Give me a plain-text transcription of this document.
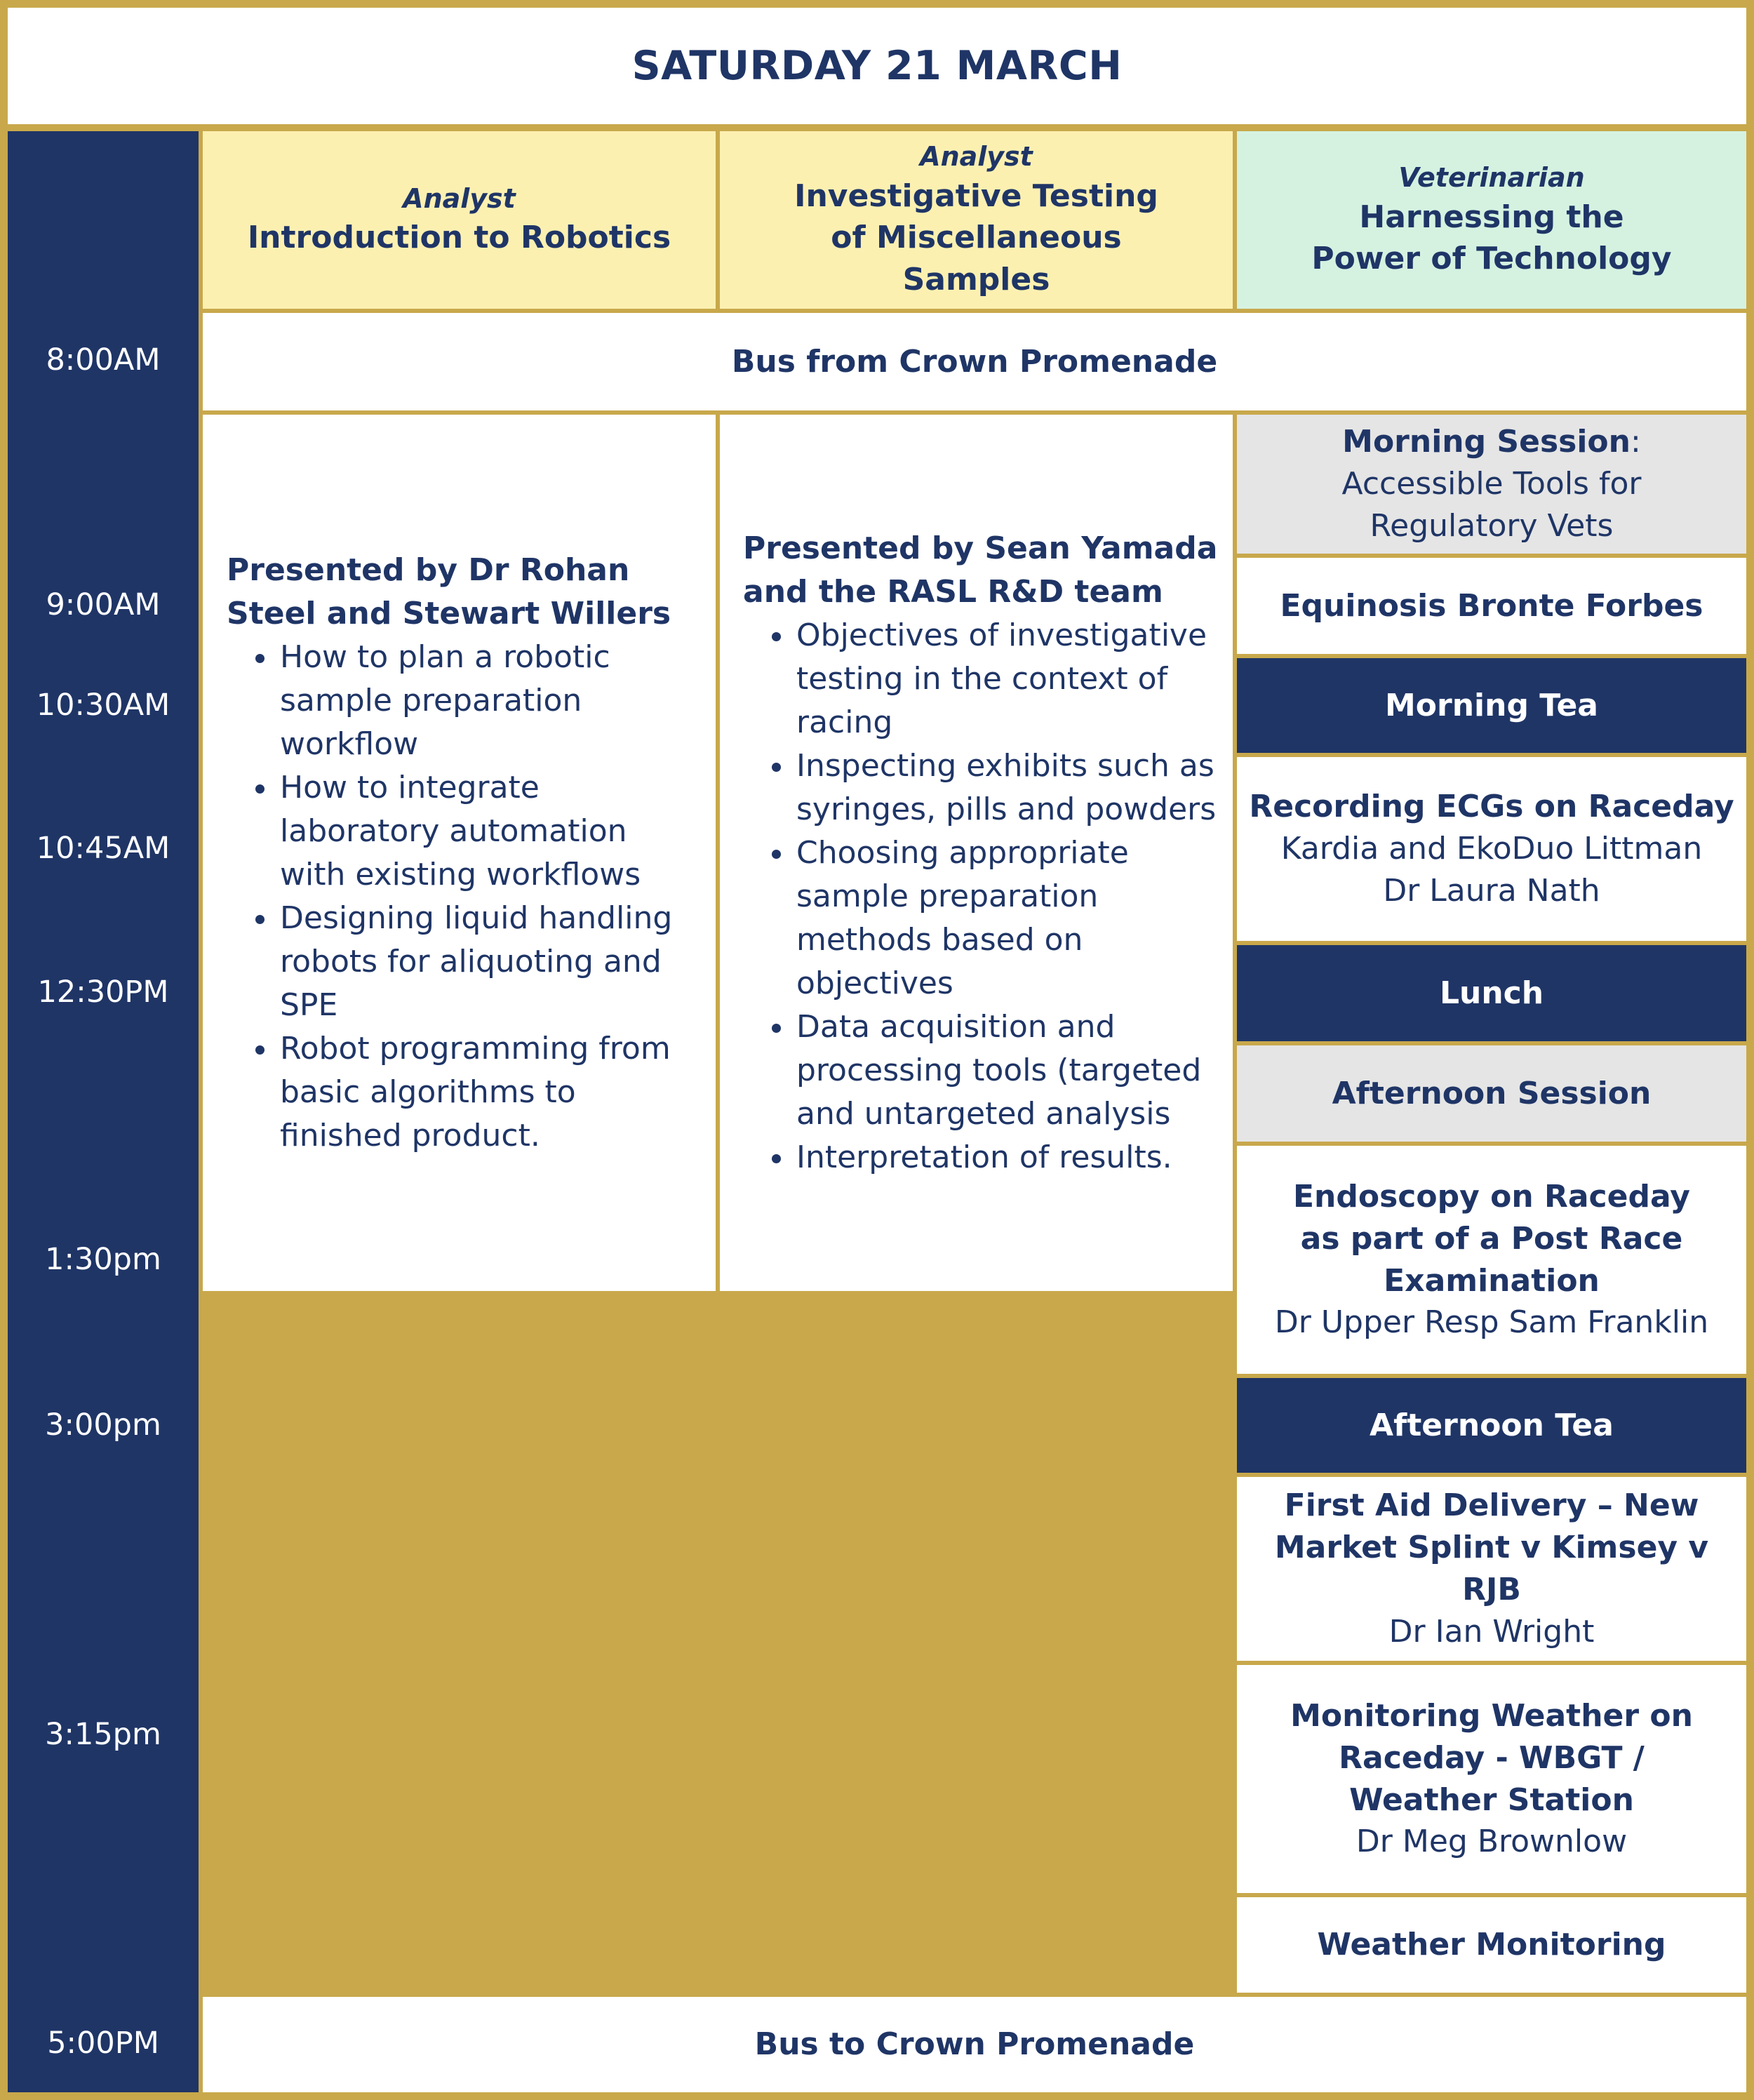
SATURDAY 21 MARCH
8:00AM
9:00AM
10:30AM
10:45AM
12:30PM
1:30pm
3:00pm
3:15pm
5:00PM
Analyst
Introduction to Robotics
Analyst
Investigative Testing of Miscellaneous Samples
Veterinarian
Harnessing the Power of Technology
Bus from Crown Promenade
Presented by Dr Rohan Steel and Stewart Willers
• How to plan a robotic sample preparation workflow
• How to integrate laboratory automation with existing workflows
• Designing liquid handling robots for aliquoting and SPE
• Robot programming from basic algorithms to finished product.
Presented by Sean Yamada and the RASL R&D team
• Objectives of investigative testing in the context of racing
• Inspecting exhibits such as syringes, pills and powders
• Choosing appropriate sample preparation methods based on objectives
• Data acquisition and processing tools (targeted and untargeted analysis
• Interpretation of results.
Morning Session: Accessible Tools for Regulatory Vets
Equinosis Bronte Forbes
Morning Tea
Recording ECGs on Raceday
Kardia and EkoDuo Littman
Dr Laura Nath
Lunch
Afternoon Session
Endoscopy on Raceday as part of a Post Race Examination
Dr Upper Resp Sam Franklin
Afternoon Tea
First Aid Delivery – New Market Splint v Kimsey v RJB
Dr Ian Wright
Monitoring Weather on Raceday - WBGT / Weather Station
Dr Meg Brownlow
Weather Monitoring
Bus to Crown Promenade
